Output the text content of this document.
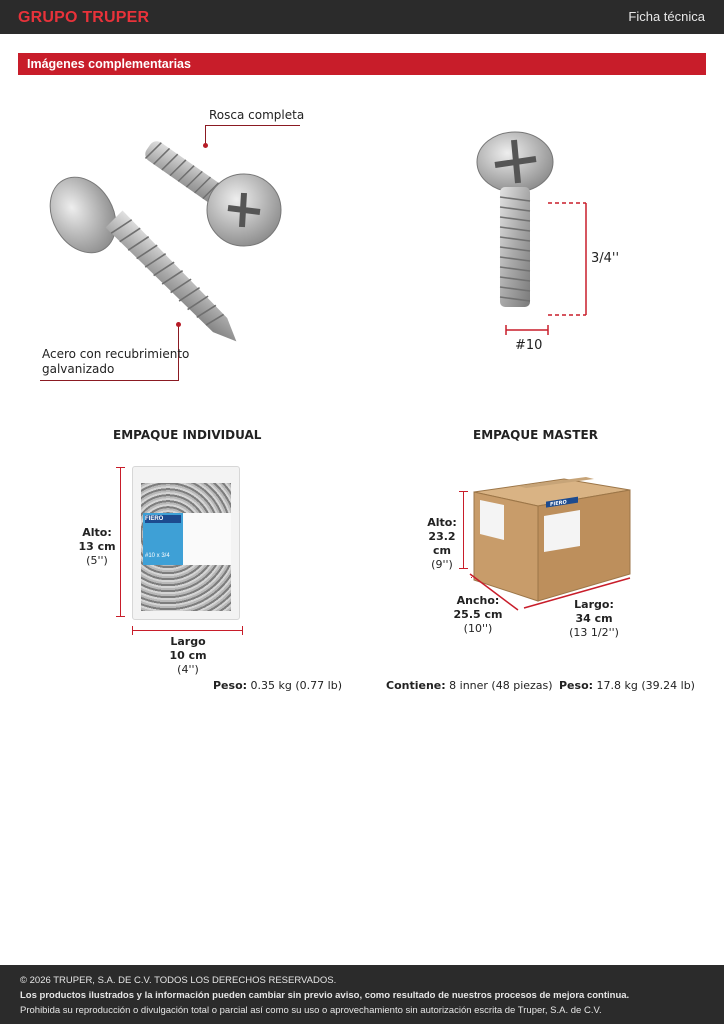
GRUPO TRUPER	Ficha técnica
Imágenes complementarias
Rosca completa
Acero con recubrimiento
galvanizado
3/4''
#10
EMPAQUE INDIVIDUAL
Alto:
13 cm
(5'')
FIERO
#10 x 3/4
Largo
10 cm
(4'')
Peso: 0.35 kg (0.77 lb)
EMPAQUE MASTER
Alto:
23.2 cm
(9'')
FIERO
Ancho:
25.5 cm
(10'')
Largo:
34 cm
(13 1/2'')
Contiene: 8 inner (48 piezas) Peso: 17.8 kg (39.24 lb)
© 2026 TRUPER, S.A. DE C.V. TODOS LOS DERECHOS RESERVADOS.
Los productos ilustrados y la información pueden cambiar sin previo aviso, como resultado de nuestros procesos de mejora continua.
Prohibida su reproducción o divulgación total o parcial así como su uso o aprovechamiento sin autorización escrita de Truper, S.A. de C.V.
